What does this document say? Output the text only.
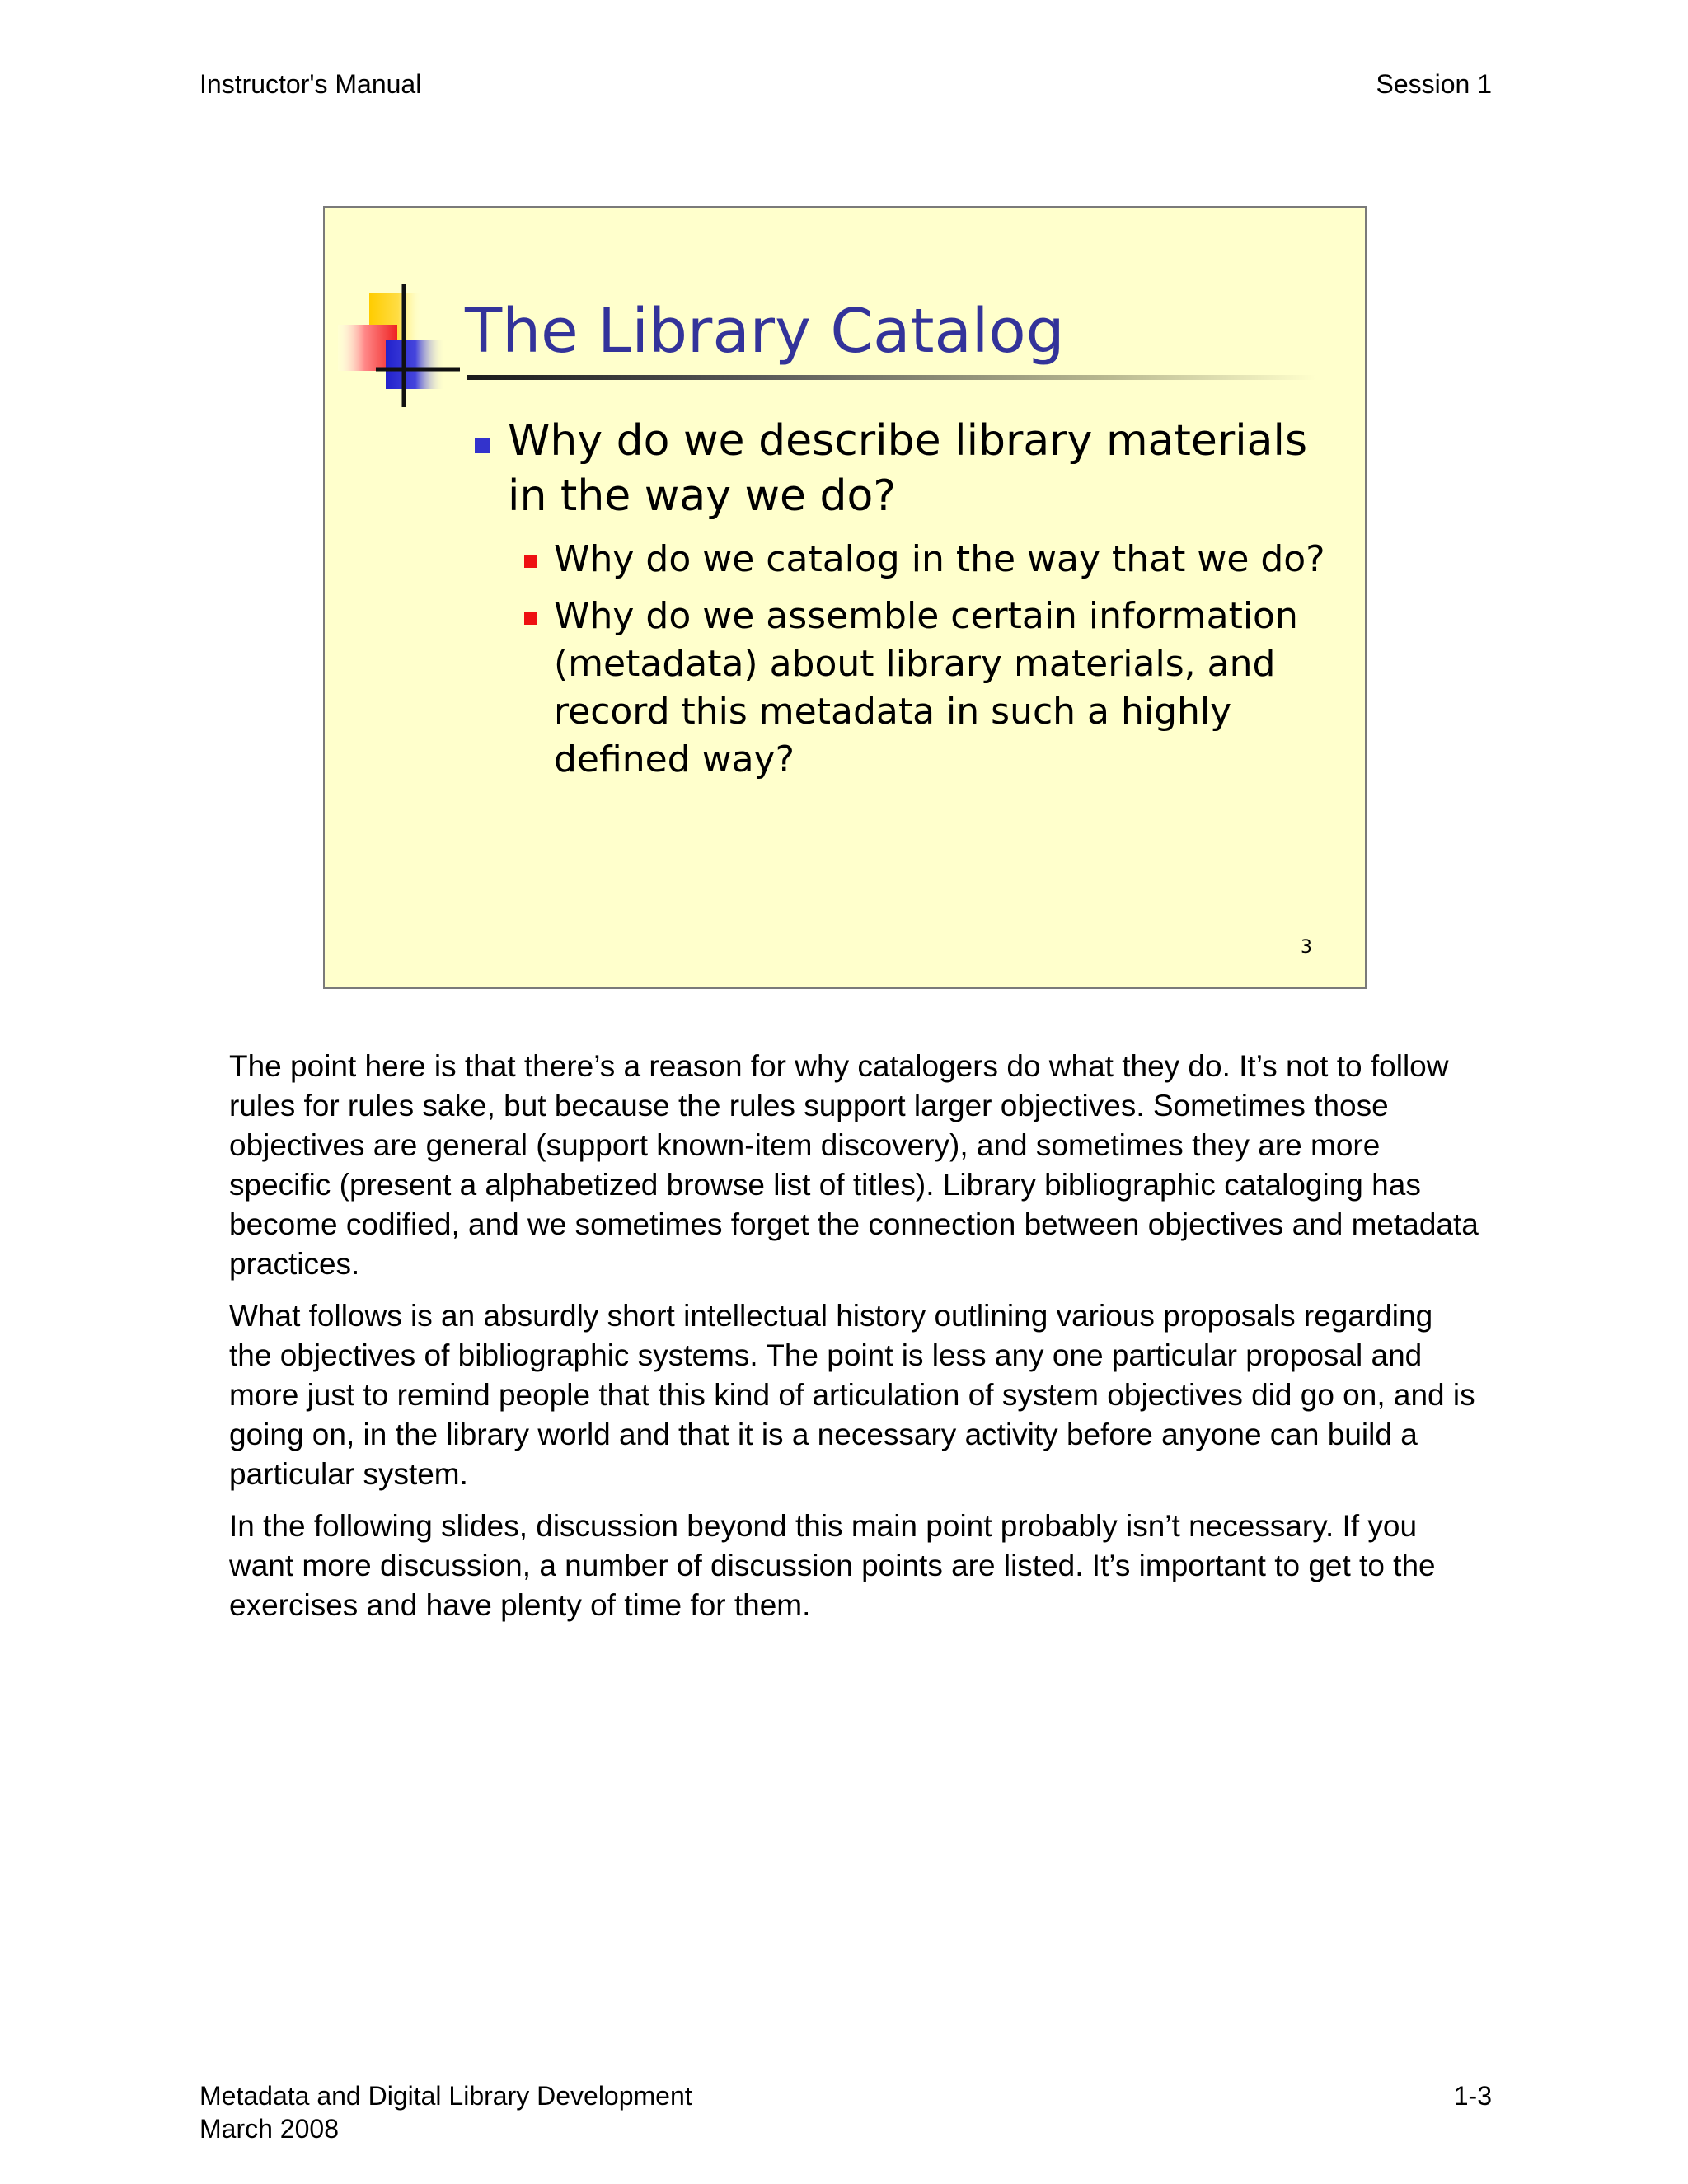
Instructor's Manual	Session 1
The Library Catalog
Why do we describe library materials in the way we do?
Why do we catalog in the way that we do?
Why do we assemble certain information (metadata) about library materials, and record this metadata in such a highly defined way?
3

The point here is that there’s a reason for why catalogers do what they do. It’s not to follow rules for rules sake, but because the rules support larger objectives. Sometimes those objectives are general (support known-item discovery), and sometimes they are more specific (present a alphabetized browse list of titles). Library bibliographic cataloging has become codified, and we sometimes forget the connection between objectives and metadata practices.

What follows is an absurdly short intellectual history outlining various proposals regarding the objectives of bibliographic systems. The point is less any one particular proposal and more just to remind people that this kind of articulation of system objectives did go on, and is going on, in the library world and that it is a necessary activity before anyone can build a particular system.

In the following slides, discussion beyond this main point probably isn’t necessary. If you want more discussion, a number of discussion points are listed. It’s important to get to the exercises and have plenty of time for them.

Metadata and Digital Library Development
March 2008
1-3
